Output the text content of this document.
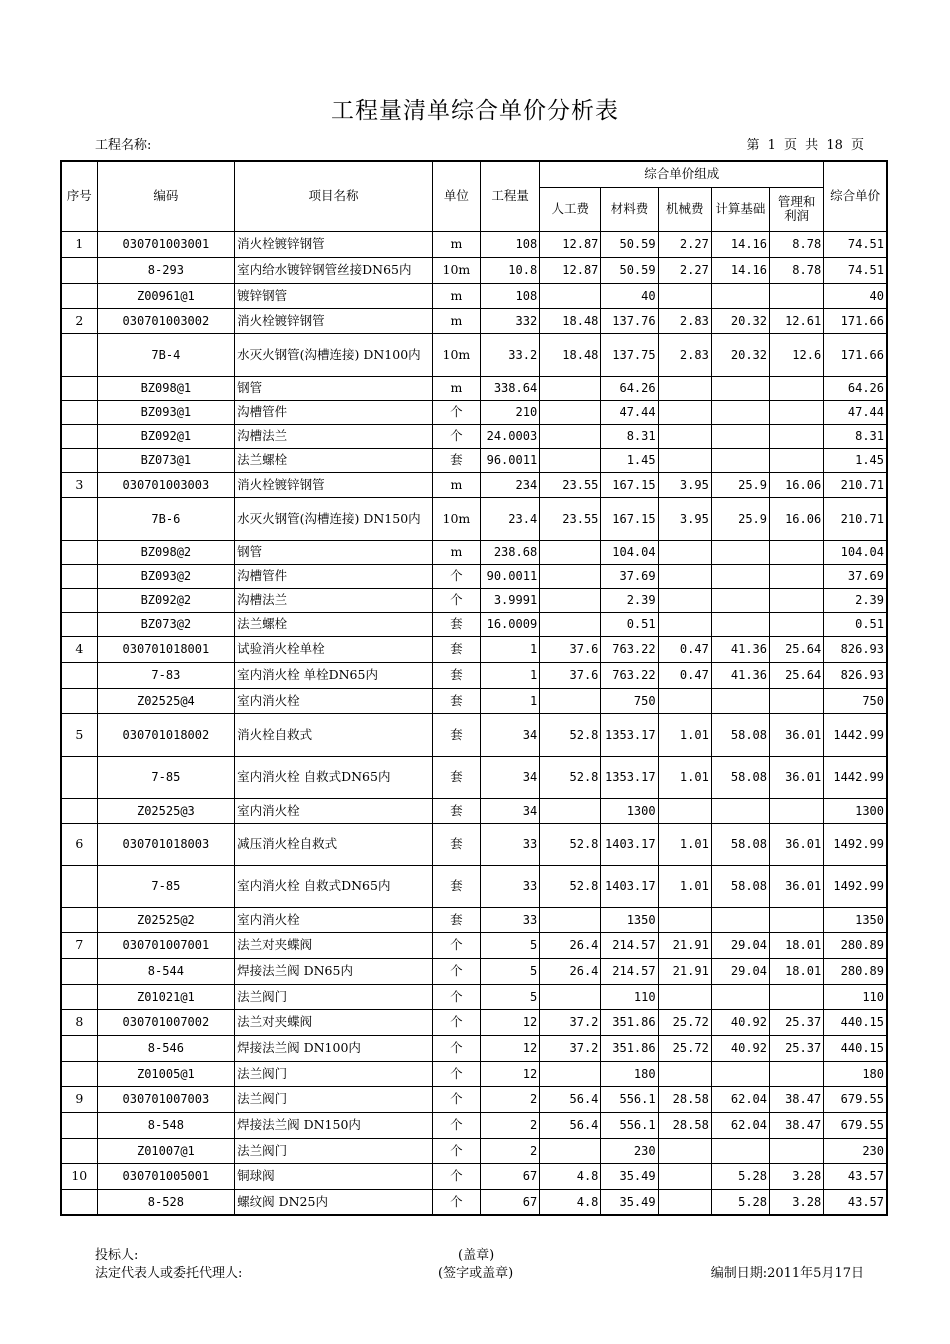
工程量清单综合单价分析表
工程名称:	第 1 页 共 18 页
序号	编码	项目名称	单位	工程量	综合单价组成					综合单价
					人工费	材料费	机械费	计算基础	管理和利润	
1	030701003001	消火栓镀锌钢管	m	108	12.87	50.59	2.27	14.16	8.78	74.51
	8-293	室内给水镀锌钢管丝接DN65内	10m	10.8	12.87	50.59	2.27	14.16	8.78	74.51
	Z00961@1	镀锌钢管	m	108		40				40
2	030701003002	消火栓镀锌钢管	m	332	18.48	137.76	2.83	20.32	12.61	171.66
	7B-4	水灭火钢管(沟槽连接) DN100内	10m	33.2	18.48	137.75	2.83	20.32	12.6	171.66
	BZ098@1	钢管	m	338.64		64.26				64.26
	BZ093@1	沟槽管件	个	210		47.44				47.44
	BZ092@1	沟槽法兰	个	24.0003		8.31				8.31
	BZ073@1	法兰螺栓	套	96.0011		1.45				1.45
3	030701003003	消火栓镀锌钢管	m	234	23.55	167.15	3.95	25.9	16.06	210.71
	7B-6	水灭火钢管(沟槽连接) DN150内	10m	23.4	23.55	167.15	3.95	25.9	16.06	210.71
	BZ098@2	钢管	m	238.68		104.04				104.04
	BZ093@2	沟槽管件	个	90.0011		37.69				37.69
	BZ092@2	沟槽法兰	个	3.9991		2.39				2.39
	BZ073@2	法兰螺栓	套	16.0009		0.51				0.51
4	030701018001	试验消火栓单栓	套	1	37.6	763.22	0.47	41.36	25.64	826.93
	7-83	室内消火栓 单栓DN65内	套	1	37.6	763.22	0.47	41.36	25.64	826.93
	Z02525@4	室内消火栓	套	1		750				750
5	030701018002	消火栓自救式	套	34	52.8	1353.17	1.01	58.08	36.01	1442.99
	7-85	室内消火栓 自救式DN65内	套	34	52.8	1353.17	1.01	58.08	36.01	1442.99
	Z02525@3	室内消火栓	套	34		1300				1300
6	030701018003	减压消火栓自救式	套	33	52.8	1403.17	1.01	58.08	36.01	1492.99
	7-85	室内消火栓 自救式DN65内	套	33	52.8	1403.17	1.01	58.08	36.01	1492.99
	Z02525@2	室内消火栓	套	33		1350				1350
7	030701007001	法兰对夹蝶阀	个	5	26.4	214.57	21.91	29.04	18.01	280.89
	8-544	焊接法兰阀 DN65内	个	5	26.4	214.57	21.91	29.04	18.01	280.89
	Z01021@1	法兰阀门	个	5		110				110
8	030701007002	法兰对夹蝶阀	个	12	37.2	351.86	25.72	40.92	25.37	440.15
	8-546	焊接法兰阀 DN100内	个	12	37.2	351.86	25.72	40.92	25.37	440.15
	Z01005@1	法兰阀门	个	12		180				180
9	030701007003	法兰阀门	个	2	56.4	556.1	28.58	62.04	38.47	679.55
	8-548	焊接法兰阀 DN150内	个	2	56.4	556.1	28.58	62.04	38.47	679.55
	Z01007@1	法兰阀门	个	2		230				230
10	030701005001	铜球阀	个	67	4.8	35.49		5.28	3.28	43.57
	8-528	螺纹阀 DN25内	个	67	4.8	35.49		5.28	3.28	43.57
投标人:	(盖章)
法定代表人或委托代理人:	(签字或盖章)	编制日期:2011年5月17日
